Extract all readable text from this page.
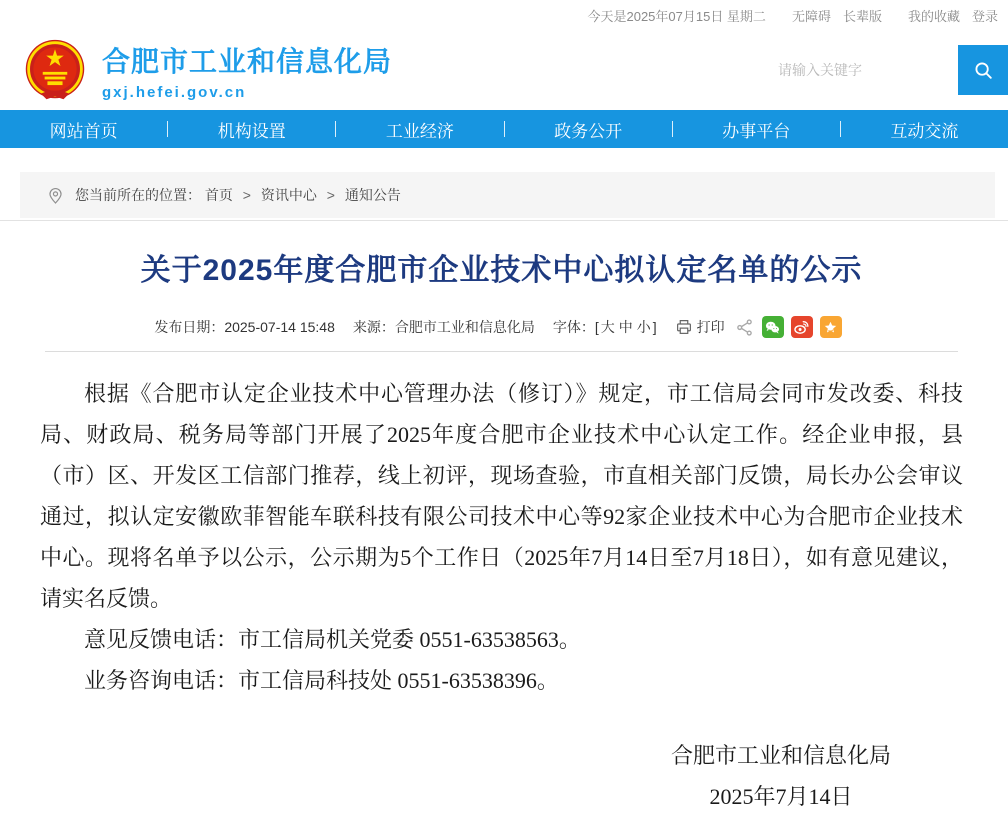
今天是2025年07月15日 星期二 无障碍 长辈版 我的收藏 登录
合肥市工业和信息化局
gxj.hefei.gov.cn
请输入关键字
网站首页	机构设置	工业经济	政务公开	办事平台	互动交流
您当前所在的位置： 首页 > 资讯中心 > 通知公告
关于2025年度合肥市企业技术中心拟认定名单的公示
发布日期：2025-07-14 15:48 来源：合肥市工业和信息化局 字体：[ 大 中 小 ]	打印

根据《合肥市认定企业技术中心管理办法（修订）》规定，市工信局会同市发改委、科技局、财政局、税务局等部门开展了2025年度合肥市企业技术中心认定工作。经企业申报，县（市）区、开发区工信部门推荐，线上初评，现场查验，市直相关部门反馈，局长办公会审议通过，拟认定安徽欧菲智能车联科技有限公司技术中心等92家企业技术中心为合肥市企业技术中心。现将名单予以公示，公示期为5个工作日（2025年7月14日至7月18日），如有意见建议，请实名反馈。

意见反馈电话：市工信局机关党委 0551-63538563。

业务咨询电话：市工信局科技处 0551-63538396。

合肥市工业和信息化局
2025年7月14日
